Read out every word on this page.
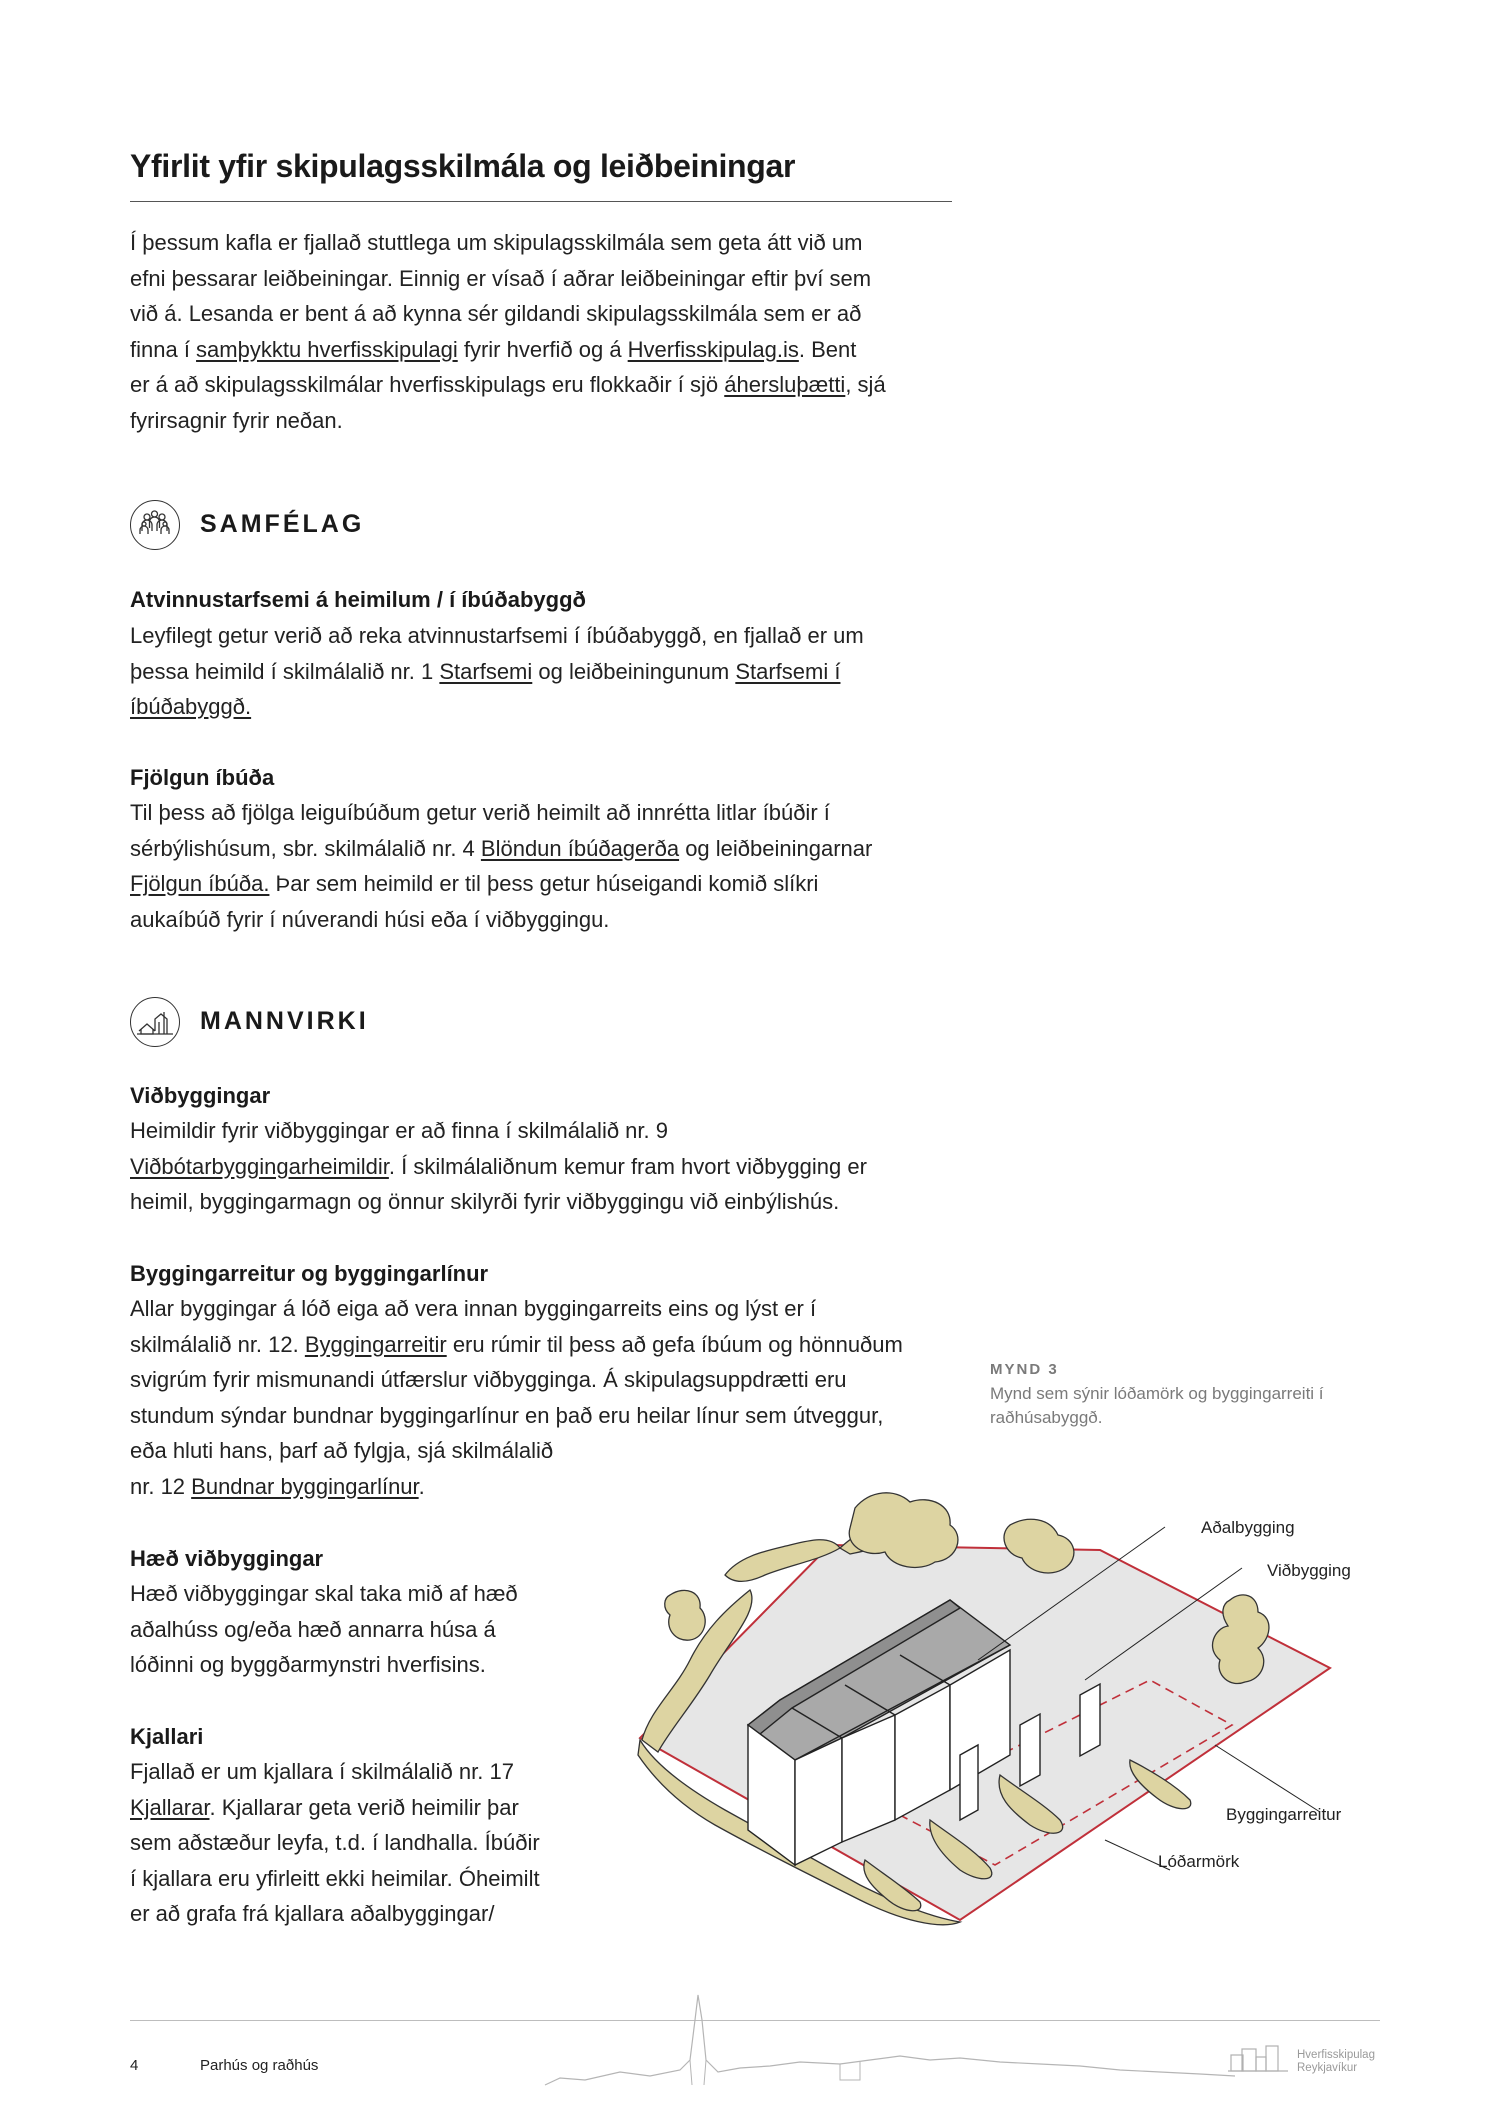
Yfirlit yfir skipulagsskilmála og leiðbeiningar
Í þessum kafla er fjallað stuttlega um skipulagsskilmála sem geta átt við um
efni þessarar leiðbeiningar. Einnig er vísað í aðrar leiðbeiningar eftir því sem
við á. Lesanda er bent á að kynna sér gildandi skipulagsskilmála sem er að
finna í samþykktu hverfisskipulagi fyrir hverfið og á Hverfisskipulag.is. Bent
er á að skipulagsskilmálar hverfisskipulags eru flokkaðir í sjö áhersluþætti, sjá
fyrirsagnir fyrir neðan.
SAMFÉLAG
Atvinnustarfsemi á heimilum / í íbúðabyggð
Leyfilegt getur verið að reka atvinnustarfsemi í íbúðabyggð, en fjallað er um
þessa heimild í skilmálalið nr. 1 Starfsemi og leiðbeiningunum Starfsemi í
íbúðabyggð.
Fjölgun íbúða
Til þess að fjölga leiguíbúðum getur verið heimilt að innrétta litlar íbúðir í
sérbýlishúsum, sbr. skilmálalið nr. 4 Blöndun íbúðagerða og leiðbeiningarnar
Fjölgun íbúða. Þar sem heimild er til þess getur húseigandi komið slíkri
aukaíbúð fyrir í núverandi húsi eða í viðbyggingu.
MANNVIRKI
Viðbyggingar
Heimildir fyrir viðbyggingar er að finna í skilmálalið nr. 9
Viðbótarbyggingarheimildir. Í skilmálaliðnum kemur fram hvort viðbygging er
heimil, byggingarmagn og önnur skilyrði fyrir viðbyggingu við einbýlishús.
Byggingarreitur og byggingarlínur
Allar byggingar á lóð eiga að vera innan byggingarreits eins og lýst er í
skilmálalið nr. 12. Byggingarreitir eru rúmir til þess að gefa íbúum og hönnuðum
svigrúm fyrir mismunandi útfærslur viðbygginga. Á skipulagsuppdrætti eru
stundum sýndar bundnar byggingarlínur en það eru heilar línur sem útveggur,
eða hluti hans, þarf að fylgja, sjá skilmálalið
nr. 12 Bundnar byggingarlínur.
Hæð viðbyggingar
Hæð viðbyggingar skal taka mið af hæð
aðalhúss og/eða hæð annarra húsa á
lóðinni og byggðarmynstri hverfisins.
Kjallari
Fjallað er um kjallara í skilmálalið nr. 17
Kjallarar. Kjallarar geta verið heimilir þar
sem aðstæður leyfa, t.d. í landhalla. Íbúðir
í kjallara eru yfirleitt ekki heimilar. Óheimilt
er að grafa frá kjallara aðalbyggingar/
MYND 3
Mynd sem sýnir lóðamörk og byggingarreiti í
raðhúsabyggð.
Aðalbygging
Viðbygging
Byggingarreitur
Lóðarmörk
4	Parhús og raðhús
Hverfisskipulag
Reykjavíkur
